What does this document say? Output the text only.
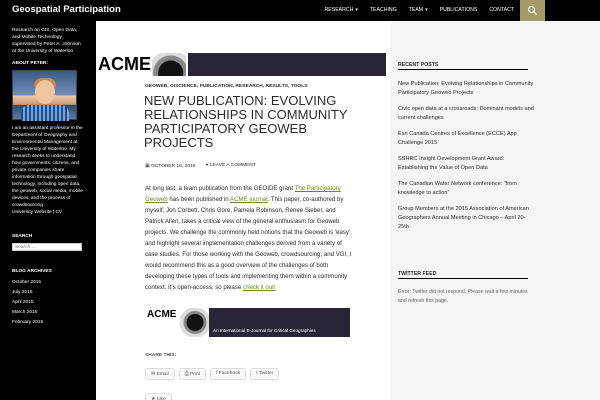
Geospatial Participation	RESEARCH ▾	TEACHING	TEAM ▾	PUBLICATIONS	CONTACT
Research on GIS, Open Data, and Mobile Technology, supervised by Peter A. Johnson at the University of Waterloo
ABOUT PETER:
I am an assistant professor in the Department of Geography and Environmental Management at the University of Waterloo. My research seeks to understand how governments, citizens, and private companies share information through geospatial technology, including open data, the geoweb, social media, mobile devices, and the process of crowdsourcing.
University Website | CV
SEARCH
Search ...
BLOG ARCHIVES
October 2015
July 2015
April 2015
March 2015
February 2015
ACME
GEOWEB, GISCIENCE, PUBLICATION, RESEARCH, RESULTS, TOOLS
NEW PUBLICATION: EVOLVING RELATIONSHIPS IN COMMUNITY PARTICIPATORY GEOWEB PROJECTS
▣ OCTOBER 16, 2015 ● LEAVE A COMMENT
At long last, a team publication from the GEOIDE grant The Participatory Geoweb has been published in ACME journal. This paper, co-authored by myself, Jon Corbett, Chris Gore, Pamela Robinson, Renee Sieber, and Patrick Allen, takes a critical view of the general enthusiasm for Geoweb projects. We challenge the commonly held notions that the Geoweb is 'easy', and highlight several implementation challenges derived from a variety of case studies. For those working with the Geoweb, crowdsourcing, and VGI, I would recommend this as a good overview of the challenges of both developing these types of tools and implementing them within a community context. It's open-access, so please check it out!
ACME
An International E-Journal for Critical Geographies
SHARE THIS:
✉ Email	⎙ Print	f Facebook	t Twitter
★ Like
RECENT POSTS
New Publication: Evolving Relationships in Community Participatory Geoweb Projects
Civic open data at a crossroads: Dominant models and current challenges
Esri Canada Centres of Excellence (ECCE) App Challenge 2015
SSHRC Insight Development Grant Award: Establishing the Value of Open Data
The Canadian Water Network conference: “from knowledge to action”
Group Members at the 2015 Association of American Geographers Annual Meeting in Chicago – April 20-25th
TWITTER FEED
Error: Twitter did not respond. Please wait a few minutes and refresh this page.
